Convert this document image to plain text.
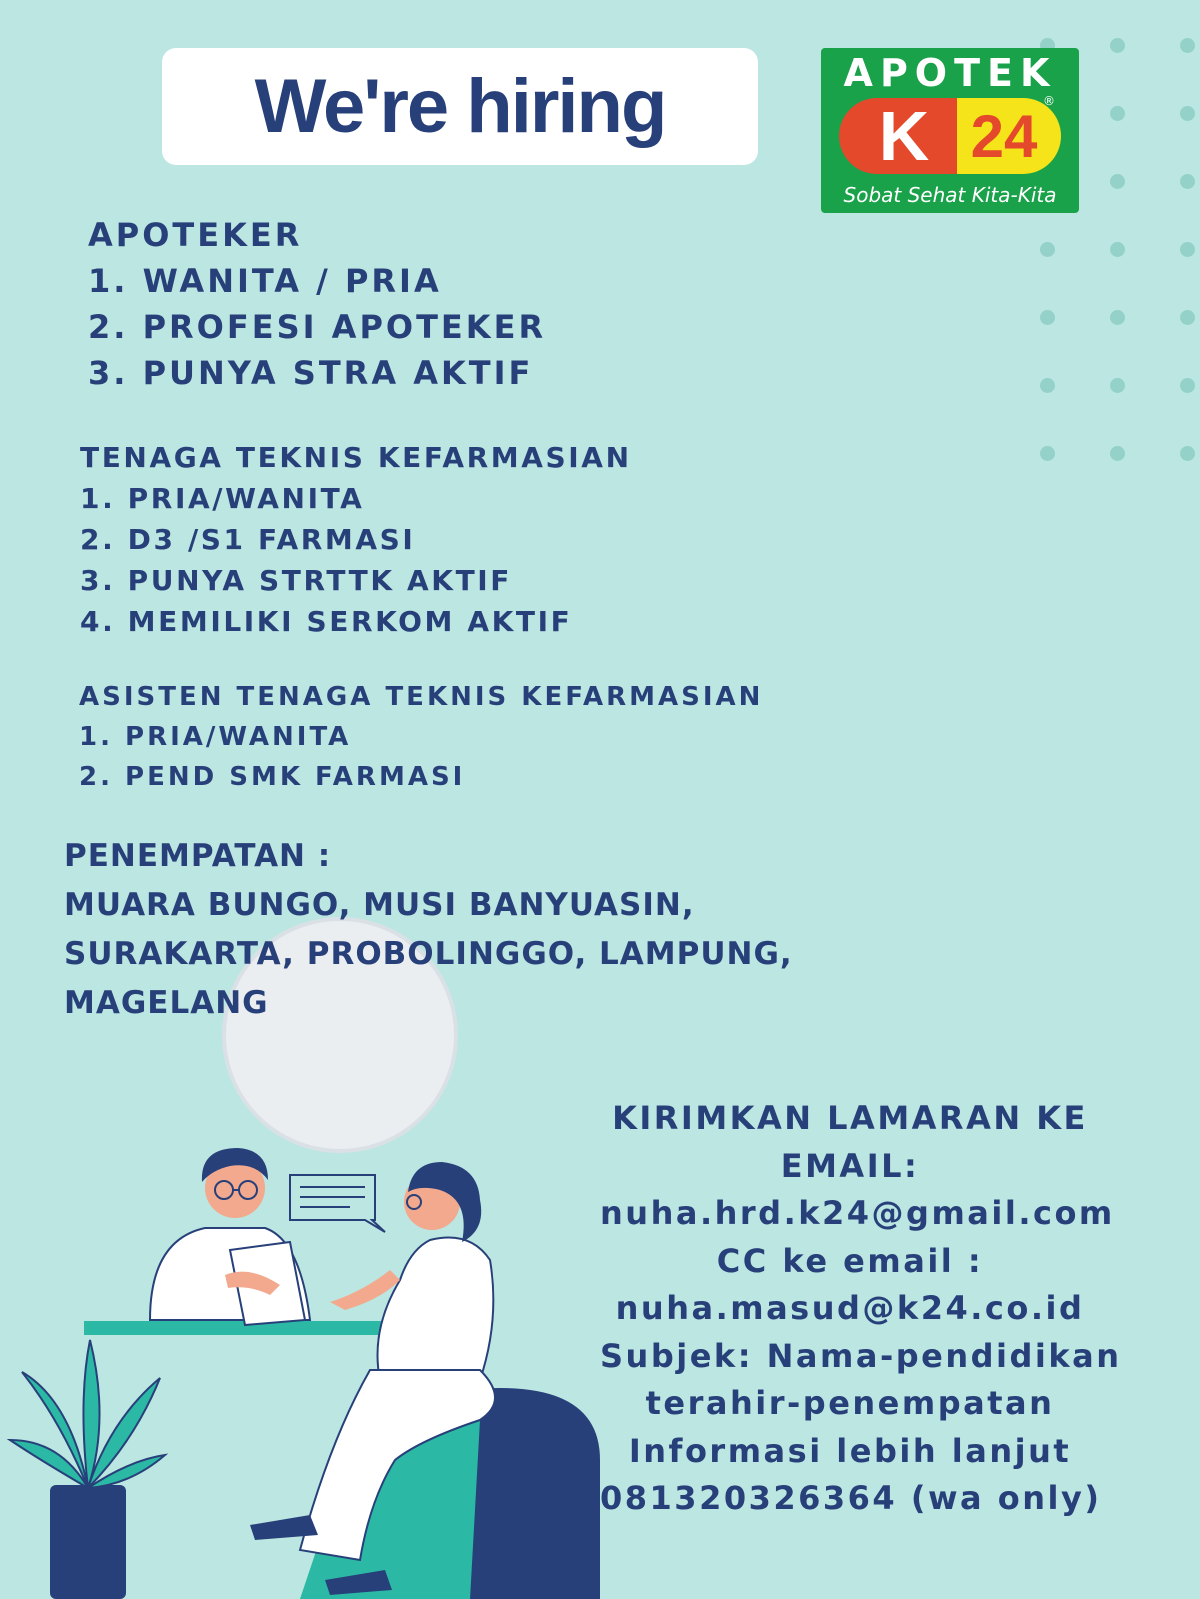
We're hiring	APOTEK
K 24
®
Sobat Sehat Kita-Kita
APOTEKER
1. WANITA / PRIA
2. PROFESI APOTEKER
3. PUNYA STRA AKTIF
TENAGA TEKNIS KEFARMASIAN
1. PRIA/WANITA
2. D3 /S1 FARMASI
3. PUNYA STRTTK AKTIF
4. MEMILIKI SERKOM AKTIF
ASISTEN TENAGA TEKNIS KEFARMASIAN
1. PRIA/WANITA
2. PEND SMK FARMASI
PENEMPATAN :
MUARA BUNGO, MUSI BANYUASIN,
SURAKARTA, PROBOLINGGO, LAMPUNG,
MAGELANG
KIRIMKAN LAMARAN KE
EMAIL:
nuha.hrd.k24@gmail.com
CC ke email :
nuha.masud@k24.co.id
Subjek: Nama-pendidikan
terahir-penempatan
Informasi lebih lanjut
081320326364 (wa only)
